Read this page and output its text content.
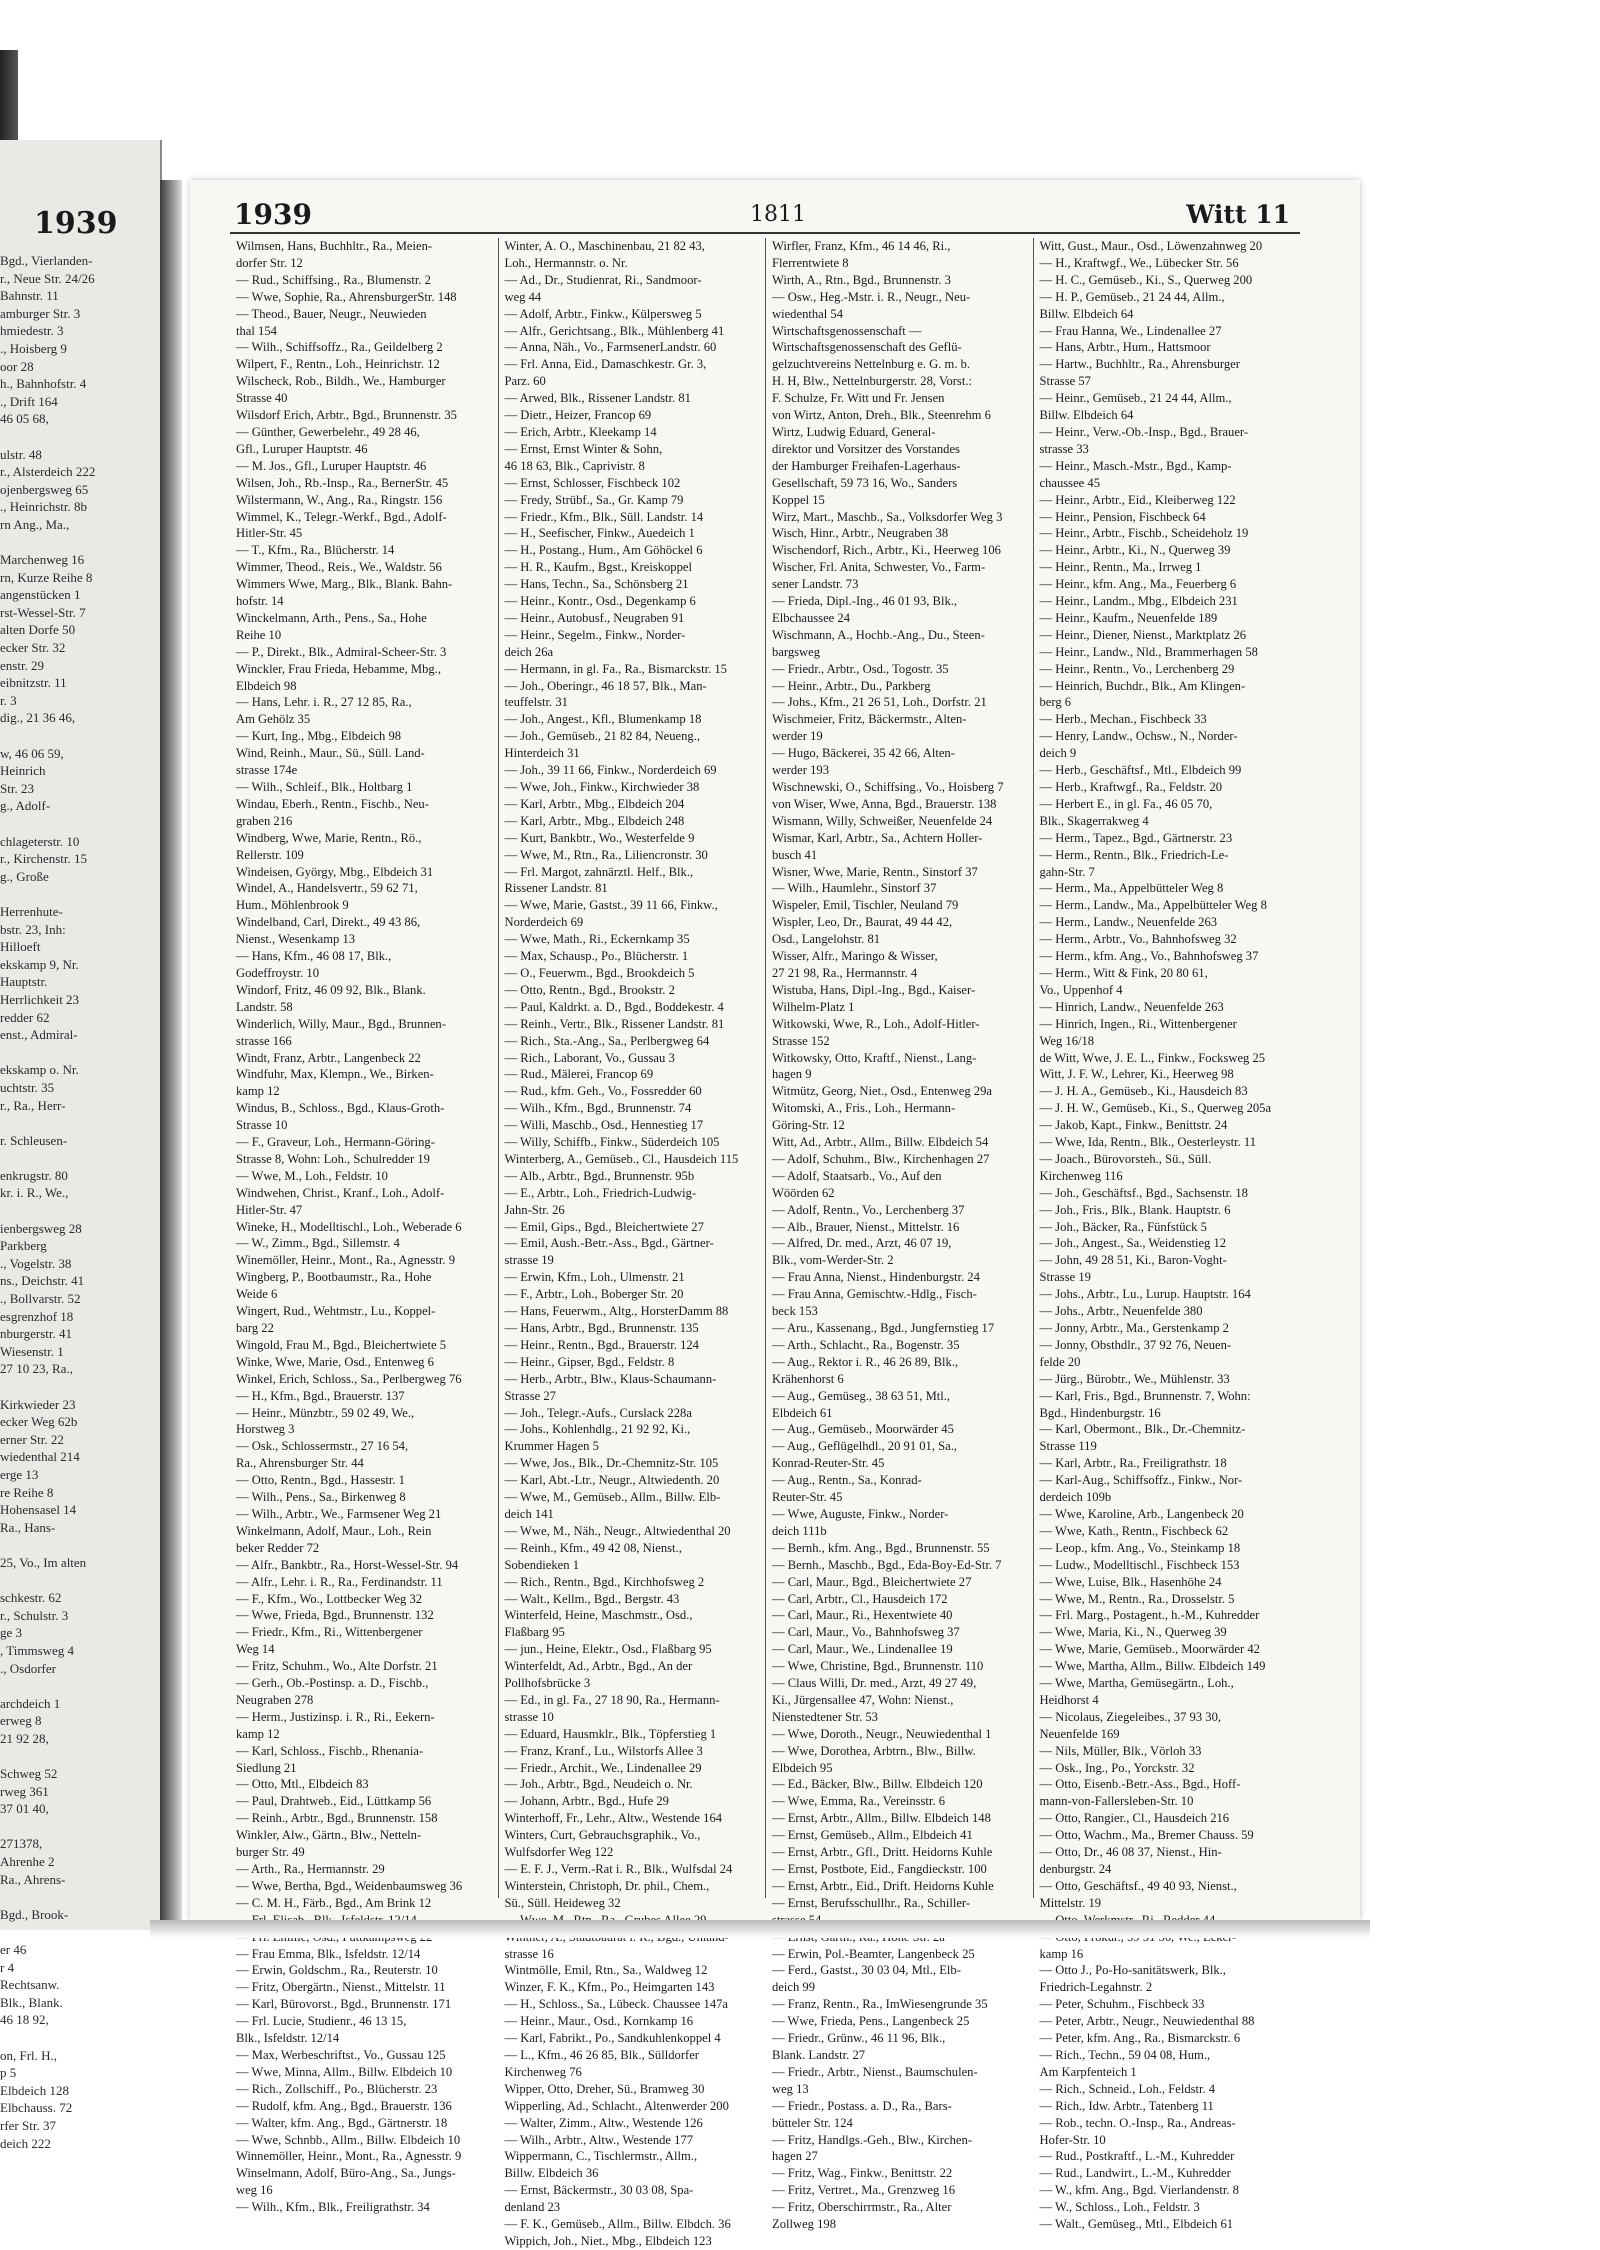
1939
Bgd., Vierlanden-
r., Neue Str. 24/26
Bahnstr. 11
amburger Str. 3
hmiedestr. 3
., Hoisberg 9
oor 28
h., Bahnhofstr. 4
., Drift 164
46 05 68,

ulstr. 48
r., Alsterdeich 222
ojenbergsweg 65
., Heinrichstr. 8b
rn Ang., Ma.,

Marchenweg 16
rn, Kurze Reihe 8
angenstücken 1
rst-Wessel-Str. 7
alten Dorfe 50
ecker Str. 32
enstr. 29
eibnitzstr. 11
r. 3
dig., 21 36 46,

w, 46 06 59,
Heinrich
Str. 23
g., Adolf-

chlageterstr. 10
r., Kirchenstr. 15
g., Große

Herrenhute-
bstr. 23, Inh:
Hilloeft
ekskamp 9, Nr.
Hauptstr.
Herrlichkeit 23
redder 62
enst., Admiral-

ekskamp o. Nr.
uchtstr. 35
r., Ra., Herr-

r. Schleusen-

enkrugstr. 80
kr. i. R., We.,

ienbergsweg 28
Parkberg
., Vogelstr. 38
ns., Deichstr. 41
., Bollvarstr. 52
esgrenzhof 18
nburgerstr. 41
Wiesenstr. 1
27 10 23, Ra.,

Kirkwieder 23
ecker Weg 62b
erner Str. 22
wiedenthal 214
erge 13
re Reihe 8
Hohensasel 14
Ra., Hans-

25, Vo., Im alten

schkestr. 62
r., Schulstr. 3
ge 3
, Timmsweg 4
., Osdorfer

archdeich 1
erweg 8
21 92 28,

Schweg 52
rweg 361
37 01 40,

271378,
Ahrenhe 2
Ra., Ahrens-

Bgd., Brook-

er 46
r 4
Rechtsanw.
Blk., Blank.
46 18 92,

on, Frl. H.,
p 5
Elbdeich 128
Elbchauss. 72
rfer Str. 37
deich 222
1939	1811	Witt 11
Wilmsen, Hans, Buchhltr., Ra., Meien-
dorfer Str. 12
— Rud., Schiffsing., Ra., Blumenstr. 2
— Wwe, Sophie, Ra., AhrensburgerStr. 148
— Theod., Bauer, Neugr., Neuwieden
thal 154
— Wilh., Schiffsoffz., Ra., Geildelberg 2
Wilpert, F., Rentn., Loh., Heinrichstr. 12
Wilscheck, Rob., Bildh., We., Hamburger
Strasse 40
Wilsdorf Erich, Arbtr., Bgd., Brunnenstr. 35
— Günther, Gewerbelehr., 49 28 46,
Gfl., Luruper Hauptstr. 46
— M. Jos., Gfl., Luruper Hauptstr. 46
Wilsen, Joh., Rb.-Insp., Ra., BernerStr. 45
Wilstermann, W., Ang., Ra., Ringstr. 156
Wimmel, K., Telegr.-Werkf., Bgd., Adolf-
Hitler-Str. 45
— T., Kfm., Ra., Blücherstr. 14
Wimmer, Theod., Reis., We., Waldstr. 56
Wimmers Wwe, Marg., Blk., Blank. Bahn-
hofstr. 14
Winckelmann, Arth., Pens., Sa., Hohe
Reihe 10
— P., Direkt., Blk., Admiral-Scheer-Str. 3
Winckler, Frau Frieda, Hebamme, Mbg.,
Elbdeich 98
— Hans, Lehr. i. R., 27 12 85, Ra.,
Am Gehölz 35
— Kurt, Ing., Mbg., Elbdeich 98
Wind, Reinh., Maur., Sü., Süll. Land-
strasse 174e
— Wilh., Schleif., Blk., Holtbarg 1
Windau, Eberh., Rentn., Fischb., Neu-
graben 216
Windberg, Wwe, Marie, Rentn., Rö.,
Rellerstr. 109
Windeisen, György, Mbg., Elbdeich 31
Windel, A., Handelsvertr., 59 62 71,
Hum., Möhlenbrook 9
Windelband, Carl, Direkt., 49 43 86,
Nienst., Wesenkamp 13
— Hans, Kfm., 46 08 17, Blk.,
Godeffroystr. 10
Windorf, Fritz, 46 09 92, Blk., Blank.
Landstr. 58
Winderlich, Willy, Maur., Bgd., Brunnen-
strasse 166
Windt, Franz, Arbtr., Langenbeck 22
Windfuhr, Max, Klempn., We., Birken-
kamp 12
Windus, B., Schloss., Bgd., Klaus-Groth-
Strasse 10
— F., Graveur, Loh., Hermann-Göring-
Strasse 8, Wohn: Loh., Schulredder 19
— Wwe, M., Loh., Feldstr. 10
Windwehen, Christ., Kranf., Loh., Adolf-
Hitler-Str. 47
Wineke, H., Modelltischl., Loh., Weberade 6
— W., Zimm., Bgd., Sillemstr. 4
Winemöller, Heinr., Mont., Ra., Agnesstr. 9
Wingberg, P., Bootbaumstr., Ra., Hohe
Weide 6
Wingert, Rud., Wehtmstr., Lu., Koppel-
barg 22
Wingold, Frau M., Bgd., Bleichertwiete 5
Winke, Wwe, Marie, Osd., Entenweg 6
Winkel, Erich, Schloss., Sa., Perlbergweg 76
— H., Kfm., Bgd., Brauerstr. 137
— Heinr., Münzbtr., 59 02 49, We.,
Horstweg 3
— Osk., Schlossermstr., 27 16 54,
Ra., Ahrensburger Str. 44
— Otto, Rentn., Bgd., Hassestr. 1
— Wilh., Pens., Sa., Birkenweg 8
— Wilh., Arbtr., We., Farmsener Weg 21
Winkelmann, Adolf, Maur., Loh., Rein
beker Redder 72
— Alfr., Bankbtr., Ra., Horst-Wessel-Str. 94
— Alfr., Lehr. i. R., Ra., Ferdinandstr. 11
— F., Kfm., Wo., Lottbecker Weg 32
— Wwe, Frieda, Bgd., Brunnenstr. 132
— Friedr., Kfm., Ri., Wittenbergener
Weg 14
— Fritz, Schuhm., Wo., Alte Dorfstr. 21
— Gerh., Ob.-Postinsp. a. D., Fischb.,
Neugraben 278
— Herm., Justizinsp. i. R., Ri., Eekern-
kamp 12
— Karl, Schloss., Fischb., Rhenania-
Siedlung 21
— Otto, Mtl., Elbdeich 83
— Paul, Drahtweb., Eid., Lüttkamp 56
— Reinh., Arbtr., Bgd., Brunnenstr. 158
Winkler, Alw., Gärtn., Blw., Netteln-
burger Str. 49
— Arth., Ra., Hermannstr. 29
— Wwe, Bertha, Bgd., Weidenbaumsweg 36
— C. M. H., Färb., Bgd., Am Brink 12
— Frau Emma, Blk., Isfeldstr. 12/14
— Erwin, Goldschm., Ra., Reuterstr. 10
— Fritz, Obergärtn., Nienst., Mittelstr. 11
— Karl, Bürovorst., Bgd., Brunnenstr. 171
— Frl. Lucie, Studienr., 46 13 15,
Blk., Isfeldstr. 12/14
— Max, Werbeschriftst., Vo., Gussau 125
— Wwe, Minna, Allm., Billw. Elbdeich 10
— Rich., Zollschiff., Po., Blücherstr. 23
— Rudolf, kfm. Ang., Bgd., Brauerstr. 136
— Walter, kfm. Ang., Bgd., Gärtnerstr. 18
— Wwe, Schnbb., Allm., Billw. Elbdeich 10
Winnemöller, Heinr., Mont., Ra., Agnesstr. 9
Winselmann, Adolf, Büro-Ang., Sa., Jungs-
weg 16
— Wilh., Kfm., Blk., Freiligrathstr. 34
Winter, A. O., Maschinenbau, 21 82 43,
Loh., Hermannstr. o. Nr.
— Ad., Dr., Studienrat, Ri., Sandmoor-
weg 44
— Adolf, Arbtr., Finkw., Külpersweg 5
— Alfr., Gerichtsang., Blk., Mühlenberg 41
— Anna, Näh., Vo., FarmsenerLandstr. 60
— Frl. Anna, Eid., Damaschkestr. Gr. 3,
Parz. 60
— Arwed, Blk., Rissener Landstr. 81
— Dietr., Heizer, Francop 69
— Erich, Arbtr., Kleekamp 14
— Ernst, Ernst Winter & Sohn,
46 18 63, Blk., Caprivistr. 8
— Ernst, Schlosser, Fischbeck 102
— Fredy, Strübf., Sa., Gr. Kamp 79
— Friedr., Kfm., Blk., Süll. Landstr. 14
— H., Seefischer, Finkw., Auedeich 1
— H., Postang., Hum., Am Göhöckel 6
— H. R., Kaufm., Bgst., Kreiskoppel
— Hans, Techn., Sa., Schönsberg 21
— Heinr., Kontr., Osd., Degenkamp 6
— Heinr., Autobusf., Neugraben 91
— Heinr., Segelm., Finkw., Norder-
deich 26a
— Hermann, in gl. Fa., Ra., Bismarckstr. 15
— Joh., Oberingr., 46 18 57, Blk., Man-
teuffelstr. 31
— Joh., Angest., Kfl., Blumenkamp 18
— Joh., Gemüseb., 21 82 84, Neueng.,
Hinterdeich 31
— Joh., 39 11 66, Finkw., Norderdeich 69
— Wwe, Joh., Finkw., Kirchwieder 38
— Karl, Arbtr., Mbg., Elbdeich 204
— Karl, Arbtr., Mbg., Elbdeich 248
— Kurt, Bankbtr., Wo., Westerfelde 9
— Wwe, M., Rtn., Ra., Liliencronstr. 30
— Frl. Margot, zahnärztl. Helf., Blk.,
Rissener Landstr. 81
— Wwe, Marie, Gastst., 39 11 66, Finkw.,
Norderdeich 69
— Wwe, Math., Ri., Eckernkamp 35
— Max, Schausp., Po., Blücherstr. 1
— O., Feuerwm., Bgd., Brookdeich 5
— Otto, Rentn., Bgd., Brookstr. 2
— Paul, Kaldrkt. a. D., Bgd., Boddekestr. 4
— Reinh., Vertr., Blk., Rissener Landstr. 81
— Rich., Sta.-Ang., Sa., Perlbergweg 64
— Rich., Laborant, Vo., Gussau 3
— Rud., Mälerei, Francop 69
— Rud., kfm. Geh., Vo., Fossredder 60
— Wilh., Kfm., Bgd., Brunnenstr. 74
— Willi, Maschb., Osd., Hennestieg 17
— Willy, Schiffb., Finkw., Süderdeich 105
Winterberg, A., Gemüseb., Cl., Hausdeich 115
— Alb., Arbtr., Bgd., Brunnenstr. 95b
— E., Arbtr., Loh., Friedrich-Ludwig-
Jahn-Str. 26
— Emil, Gips., Bgd., Bleichertwiete 27
— Emil, Aush.-Betr.-Ass., Bgd., Gärtner-
strasse 19
— Erwin, Kfm., Loh., Ulmenstr. 21
— F., Arbtr., Loh., Boberger Str. 20
— Hans, Feuerwm., Altg., HorsterDamm 88
— Hans, Arbtr., Bgd., Brunnenstr. 135
— Heinr., Rentn., Bgd., Brauerstr. 124
— Heinr., Gipser, Bgd., Feldstr. 8
— Herb., Arbtr., Blw., Klaus-Schaumann-
Strasse 27
— Joh., Telegr.-Aufs., Curslack 228a
— Johs., Kohlenhdlg., 21 92 92, Ki.,
Krummer Hagen 5
— Wwe, Jos., Blk., Dr.-Chemnitz-Str. 105
— Karl, Abt.-Ltr., Neugr., Altwiedenth. 20
— Wwe, M., Gemüseb., Allm., Billw. Elb-
deich 141
— Wwe, M., Näh., Neugr., Altwiedenthal 20
— Reinh., Kfm., 49 42 08, Nienst.,
Sobendieken 1
— Rich., Rentn., Bgd., Kirchhofsweg 2
— Walt., Kellm., Bgd., Bergstr. 43
Winterfeld, Heine, Maschmstr., Osd.,
Flaßbarg 95
— jun., Heine, Elektr., Osd., Flaßbarg 95
Winterfeldt, Ad., Arbtr., Bgd., An der
Pollhofsbrücke 3
— Ed., in gl. Fa., 27 18 90, Ra., Hermann-
strasse 10
— Eduard, Hausmklr., Blk., Töpferstieg 1
— Franz, Kranf., Lu., Wilstorfs Allee 3
— Friedr., Archit., We., Lindenallee 29
— Joh., Arbtr., Bgd., Neudeich o. Nr.
— Johann, Arbtr., Bgd., Hufe 29
Winterhoff, Fr., Lehr., Altw., Westende 164
Winters, Curt, Gebrauchsgraphik., Vo.,
Wulfsdorfer Weg 122
— E. F. J., Verm.-Rat i. R., Blk., Wulfsdal 24
Winterstein, Christoph, Dr. phil., Chem.,
Sü., Süll. Heideweg 32
strasse 16
Wintmölle, Emil, Rtn., Sa., Waldweg 12
Winzer, F. K., Kfm., Po., Heimgarten 143
— H., Schloss., Sa., Lübeck. Chaussee 147a
— Heinr., Maur., Osd., Kornkamp 16
— Karl, Fabrikt., Po., Sandkuhlenkoppel 4
— L., Kfm., 46 26 85, Blk., Sülldorfer
Kirchenweg 76
Wipper, Otto, Dreher, Sü., Bramweg 30
Wipperling, Ad., Schlacht., Altenwerder 200
— Walter, Zimm., Altw., Westende 126
— Wilh., Arbtr., Altw., Westende 177
Wippermann, C., Tischlermstr., Allm.,
Billw. Elbdeich 36
— Ernst, Bäckermstr., 30 03 08, Spa-
denland 23
— F. K., Gemüseb., Allm., Billw. Elbdch. 36
Wippich, Joh., Niet., Mbg., Elbdeich 123
Wirfler, Franz, Kfm., 46 14 46, Ri.,
Flerrentwiete 8
Wirth, A., Rtn., Bgd., Brunnenstr. 3
— Osw., Heg.-Mstr. i. R., Neugr., Neu-
wiedenthal 54
Wirtschaftsgenossenschaft —
Wirtschaftsgenossenschaft des Geflü-
gelzuchtvereins Nettelnburg e. G. m. b.
H. H, Blw., Nettelnburgerstr. 28, Vorst.:
F. Schulze, Fr. Witt und Fr. Jensen
von Wirtz, Anton, Dreh., Blk., Steenrehm 6
Wirtz, Ludwig Eduard, General-
direktor und Vorsitzer des Vorstandes
der Hamburger Freihafen-Lagerhaus-
Gesellschaft, 59 73 16, Wo., Sanders
Koppel 15
Wirz, Mart., Maschb., Sa., Volksdorfer Weg 3
Wisch, Hinr., Arbtr., Neugraben 38
Wischendorf, Rich., Arbtr., Ki., Heerweg 106
Wischer, Frl. Anita, Schwester, Vo., Farm-
sener Landstr. 73
— Frieda, Dipl.-Ing., 46 01 93, Blk.,
Elbchaussee 24
Wischmann, A., Hochb.-Ang., Du., Steen-
bargsweg
— Friedr., Arbtr., Osd., Togostr. 35
— Heinr., Arbtr., Du., Parkberg
— Johs., Kfm., 21 26 51, Loh., Dorfstr. 21
Wischmeier, Fritz, Bäckermstr., Alten-
werder 19
— Hugo, Bäckerei, 35 42 66, Alten-
werder 193
Wischnewski, O., Schiffsing., Vo., Hoisberg 7
von Wiser, Wwe, Anna, Bgd., Brauerstr. 138
Wismann, Willy, Schweißer, Neuenfelde 24
Wismar, Karl, Arbtr., Sa., Achtern Holler-
busch 41
Wisner, Wwe, Marie, Rentn., Sinstorf 37
— Wilh., Haumlehr., Sinstorf 37
Wispeler, Emil, Tischler, Neuland 79
Wispler, Leo, Dr., Baurat, 49 44 42,
Osd., Langelohstr. 81
Wisser, Alfr., Maringo & Wisser,
27 21 98, Ra., Hermannstr. 4
Wistuba, Hans, Dipl.-Ing., Bgd., Kaiser-
Wilhelm-Platz 1
Witkowski, Wwe, R., Loh., Adolf-Hitler-
Strasse 152
Witkowsky, Otto, Kraftf., Nienst., Lang-
hagen 9
Witmütz, Georg, Niet., Osd., Entenweg 29a
Witomski, A., Fris., Loh., Hermann-
Göring-Str. 12
Witt, Ad., Arbtr., Allm., Billw. Elbdeich 54
— Adolf, Schuhm., Blw., Kirchenhagen 27
— Adolf, Staatsarb., Vo., Auf den
Wöörden 62
— Adolf, Rentn., Vo., Lerchenberg 37
— Alb., Brauer, Nienst., Mittelstr. 16
— Alfred, Dr. med., Arzt, 46 07 19,
Blk., vom-Werder-Str. 2
— Frau Anna, Nienst., Hindenburgstr. 24
— Frau Anna, Gemischtw.-Hdlg., Fisch-
beck 153
— Aru., Kassenang., Bgd., Jungfernstieg 17
— Arth., Schlacht., Ra., Bogenstr. 35
— Aug., Rektor i. R., 46 26 89, Blk.,
Krähenhorst 6
— Aug., Gemüseg., 38 63 51, Mtl.,
Elbdeich 61
— Aug., Gemüseb., Moorwärder 45
— Aug., Geflügelhdl., 20 91 01, Sa.,
Konrad-Reuter-Str. 45
— Aug., Rentn., Sa., Konrad-
Reuter-Str. 45
— Wwe, Auguste, Finkw., Norder-
deich 111b
— Bernh., kfm. Ang., Bgd., Brunnenstr. 55
— Bernh., Maschb., Bgd., Eda-Boy-Ed-Str. 7
— Carl, Maur., Bgd., Bleichertwiete 27
— Carl, Arbtr., Cl., Hausdeich 172
— Carl, Maur., Ri., Hexentwiete 40
— Carl, Maur., Vo., Bahnhofsweg 37
— Carl, Maur., We., Lindenallee 19
— Wwe, Christine, Bgd., Brunnenstr. 110
— Claus Willi, Dr. med., Arzt, 49 27 49,
Ki., Jürgensallee 47, Wohn: Nienst.,
Nienstedtener Str. 53
— Wwe, Doroth., Neugr., Neuwiedenthal 1
— Wwe, Dorothea, Arbtrn., Blw., Billw.
Elbdeich 95
— Ed., Bäcker, Blw., Billw. Elbdeich 120
— Wwe, Emma, Ra., Vereinsstr. 6
— Ernst, Arbtr., Allm., Billw. Elbdeich 148
— Ernst, Gemüseb., Allm., Elbdeich 41
— Ernst, Arbtr., Gfl., Dritt. Heidorns Kuhle
— Ernst, Postbote, Eid., Fangdieckstr. 100
— Ernst, Arbtr., Eid., Drift. Heidorns Kuhle
— Ernst, Berufsschullhr., Ra., Schiller-
— Erwin, Pol.-Beamter, Langenbeck 25
— Ferd., Gastst., 30 03 04, Mtl., Elb-
deich 99
— Franz, Rentn., Ra., ImWiesengrunde 35
— Wwe, Frieda, Pens., Langenbeck 25
— Friedr., Grünw., 46 11 96, Blk.,
Blank. Landstr. 27
— Friedr., Arbtr., Nienst., Baumschulen-
weg 13
— Friedr., Postass. a. D., Ra., Bars-
bütteler Str. 124
— Fritz, Handlgs.-Geh., Blw., Kirchen-
hagen 27
— Fritz, Wag., Finkw., Benittstr. 22
— Fritz, Vertret., Ma., Grenzweg 16
— Fritz, Oberschirrmstr., Ra., Alter
Zollweg 198
Witt, Gust., Maur., Osd., Löwenzahnweg 20
— H., Kraftwgf., We., Lübecker Str. 56
— H. C., Gemüseb., Ki., S., Querweg 200
— H. P., Gemüseb., 21 24 44, Allm.,
Billw. Elbdeich 64
— Frau Hanna, We., Lindenallee 27
— Hans, Arbtr., Hum., Hattsmoor
— Hartw., Buchhltr., Ra., Ahrensburger
Strasse 57
— Heinr., Gemüseb., 21 24 44, Allm.,
Billw. Elbdeich 64
— Heinr., Verw.-Ob.-Insp., Bgd., Brauer-
strasse 33
— Heinr., Masch.-Mstr., Bgd., Kamp-
chaussee 45
— Heinr., Arbtr., Eid., Kleiberweg 122
— Heinr., Pension, Fischbeck 64
— Heinr., Arbtr., Fischb., Scheideholz 19
— Heinr., Arbtr., Ki., N., Querweg 39
— Heinr., Rentn., Ma., Irrweg 1
— Heinr., kfm. Ang., Ma., Feuerberg 6
— Heinr., Landm., Mbg., Elbdeich 231
— Heinr., Kaufm., Neuenfelde 189
— Heinr., Diener, Nienst., Marktplatz 26
— Heinr., Landw., Nld., Brammerhagen 58
— Heinr., Rentn., Vo., Lerchenberg 29
— Heinrich, Buchdr., Blk., Am Klingen-
berg 6
— Herb., Mechan., Fischbeck 33
— Henry, Landw., Ochsw., N., Norder-
deich 9
— Herb., Geschäftsf., Mtl., Elbdeich 99
— Herb., Kraftwgf., Ra., Feldstr. 20
— Herbert E., in gl. Fa., 46 05 70,
Blk., Skagerrakweg 4
— Herm., Tapez., Bgd., Gärtnerstr. 23
— Herm., Rentn., Blk., Friedrich-Le-
gahn-Str. 7
— Herm., Ma., Appelbütteler Weg 8
— Herm., Landw., Ma., Appelbütteler Weg 8
— Herm., Landw., Neuenfelde 263
— Herm., Arbtr., Vo., Bahnhofsweg 32
— Herm., kfm. Ang., Vo., Bahnhofsweg 37
— Herm., Witt & Fink, 20 80 61,
Vo., Uppenhof 4
— Hinrich, Landw., Neuenfelde 263
— Hinrich, Ingen., Ri., Wittenbergener
Weg 16/18
de Witt, Wwe, J. E. L., Finkw., Focksweg 25
Witt, J. F. W., Lehrer, Ki., Heerweg 98
— J. H. A., Gemüseb., Ki., Hausdeich 83
— J. H. W., Gemüseb., Ki., S., Querweg 205a
— Jakob, Kapt., Finkw., Benittstr. 24
— Wwe, Ida, Rentn., Blk., Oesterleystr. 11
— Joach., Bürovorsteh., Sü., Süll.
Kirchenweg 116
— Joh., Geschäftsf., Bgd., Sachsenstr. 18
— Joh., Fris., Blk., Blank. Hauptstr. 6
— Joh., Bäcker, Ra., Fünfstück 5
— Joh., Angest., Sa., Weidenstieg 12
— John, 49 28 51, Ki., Baron-Voght-
Strasse 19
— Johs., Arbtr., Lu., Lurup. Hauptstr. 164
— Johs., Arbtr., Neuenfelde 380
— Jonny, Arbtr., Ma., Gerstenkamp 2
— Jonny, Obsthdlr., 37 92 76, Neuen-
felde 20
— Jürg., Bürobtr., We., Mühlenstr. 33
— Karl, Fris., Bgd., Brunnenstr. 7, Wohn:
Bgd., Hindenburgstr. 16
— Karl, Obermont., Blk., Dr.-Chemnitz-
Strasse 119
— Karl, Arbtr., Ra., Freiligrathstr. 18
— Karl-Aug., Schiffsoffz., Finkw., Nor-
derdeich 109b
— Wwe, Karoline, Arb., Langenbeck 20
— Wwe, Kath., Rentn., Fischbeck 62
— Leop., kfm. Ang., Vo., Steinkamp 18
— Ludw., Modelltischl., Fischbeck 153
— Wwe, Luise, Blk., Hasenhöhe 24
— Wwe, M., Rentn., Ra., Drosselstr. 5
— Frl. Marg., Postagent., h.-M., Kuhredder
— Wwe, Maria, Ki., N., Querweg 39
— Wwe, Marie, Gemüseb., Moorwärder 42
— Wwe, Martha, Allm., Billw. Elbdeich 149
— Wwe, Martha, Gemüsegärtn., Loh.,
Heidhorst 4
— Nicolaus, Ziegeleibes., 37 93 30,
Neuenfelde 169
— Nils, Müller, Blk., Vörloh 33
— Osk., Ing., Po., Yorckstr. 32
— Otto, Eisenb.-Betr.-Ass., Bgd., Hoff-
mann-von-Fallersleben-Str. 10
— Otto, Rangier., Cl., Hausdeich 216
— Otto, Wachm., Ma., Bremer Chauss. 59
— Otto, Dr., 46 08 37, Nienst., Hin-
denburgstr. 24
— Otto, Geschäftsf., 49 40 93, Nienst.,
Mittelstr. 19
kamp 16
— Otto J., Po-Ho-sanitätswerk, Blk.,
Friedrich-Legahnstr. 2
— Peter, Schuhm., Fischbeck 33
— Peter, Arbtr., Neugr., Neuwiedenthal 88
— Peter, kfm. Ang., Ra., Bismarckstr. 6
— Rich., Techn., 59 04 08, Hum.,
Am Karpfenteich 1
— Rich., Schneid., Loh., Feldstr. 4
— Rich., Idw. Arbtr., Tatenberg 11
— Rob., techn. O.-Insp., Ra., Andreas-
Hofer-Str. 10
— Rud., Postkraftf., L.-M., Kuhredder
— Rud., Landwirt., L.-M., Kuhredder
— W., kfm. Ang., Bgd. Vierlandenstr. 8
— W., Schloss., Loh., Feldstr. 3
— Walt., Gemüseg., Mtl., Elbdeich 61
